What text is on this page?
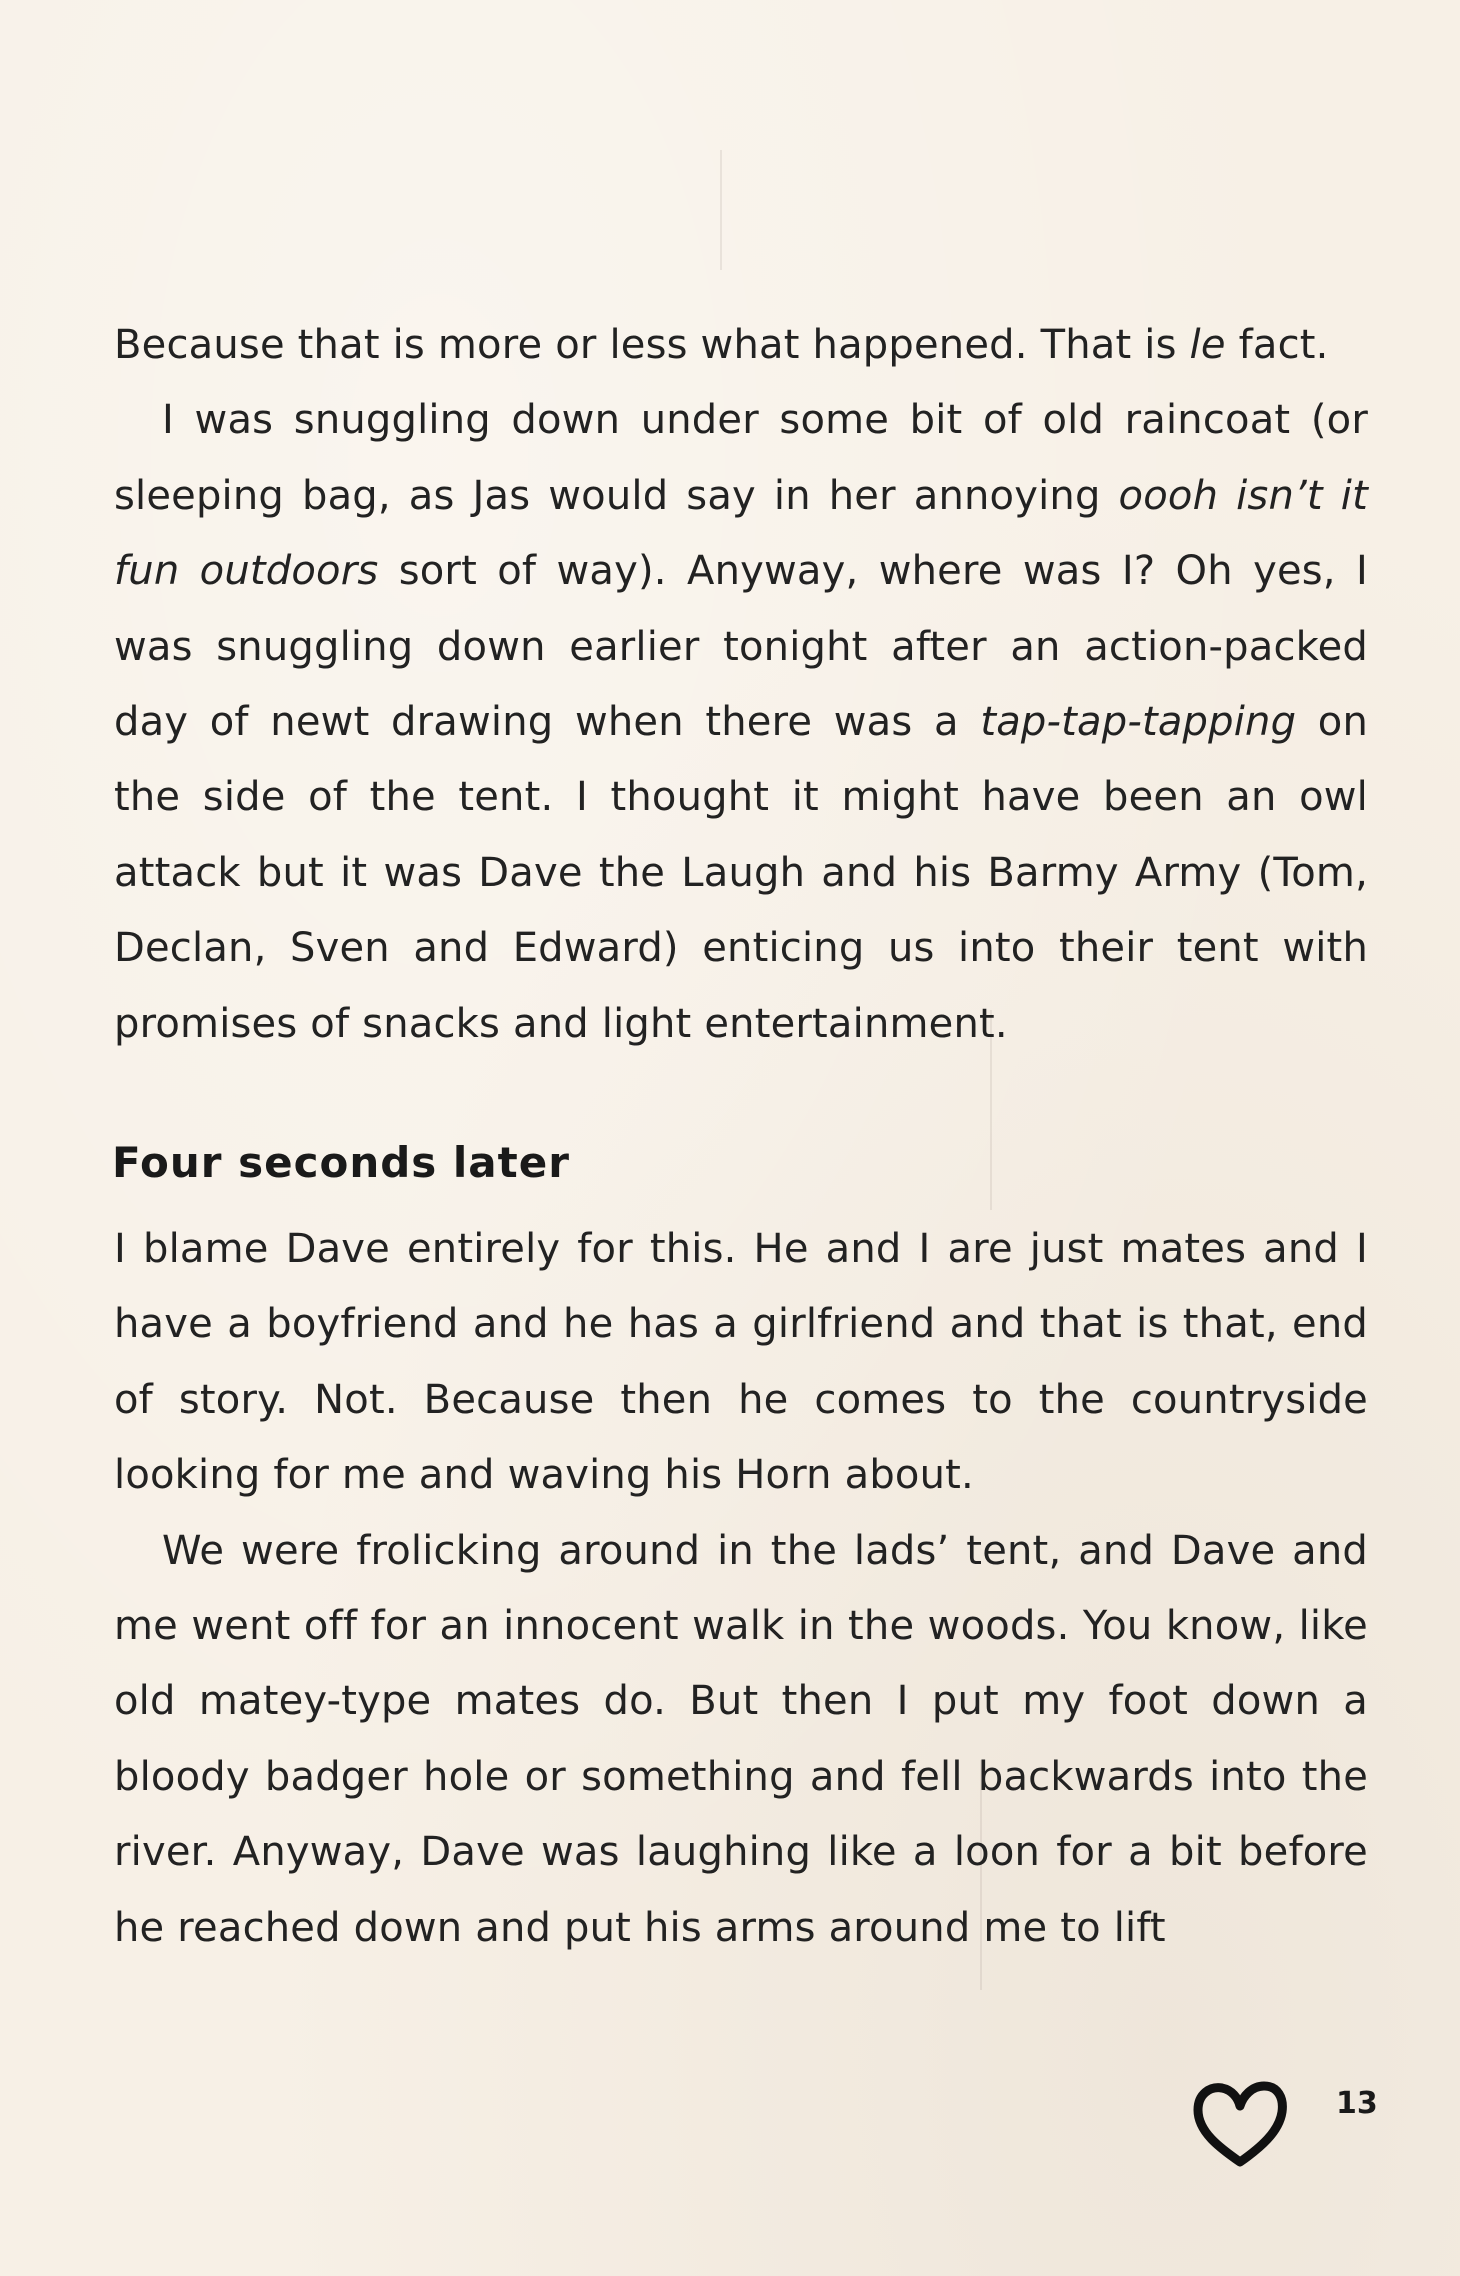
Because that is more or less what happened. That is le fact.

I was snuggling down under some bit of old raincoat (or sleeping bag, as Jas would say in her annoying oooh isn’t it fun outdoors sort of way). Anyway, where was I? Oh yes, I was snuggling down earlier tonight after an action-packed day of newt drawing when there was a tap-tap-tapping on the side of the tent. I thought it might have been an owl attack but it was Dave the Laugh and his Barmy Army (Tom, Declan, Sven and Edward) enticing us into their tent with promises of snacks and light entertainment.

Four seconds later

I blame Dave entirely for this. He and I are just mates and I have a boyfriend and he has a girlfriend and that is that, end of story. Not. Because then he comes to the countryside looking for me and waving his Horn about.

We were frolicking around in the lads’ tent, and Dave and me went off for an innocent walk in the woods. You know, like old matey-type mates do. But then I put my foot down a bloody badger hole or something and fell backwards into the river. Anyway, Dave was laughing like a loon for a bit before he reached down and put his arms around me to lift

13
